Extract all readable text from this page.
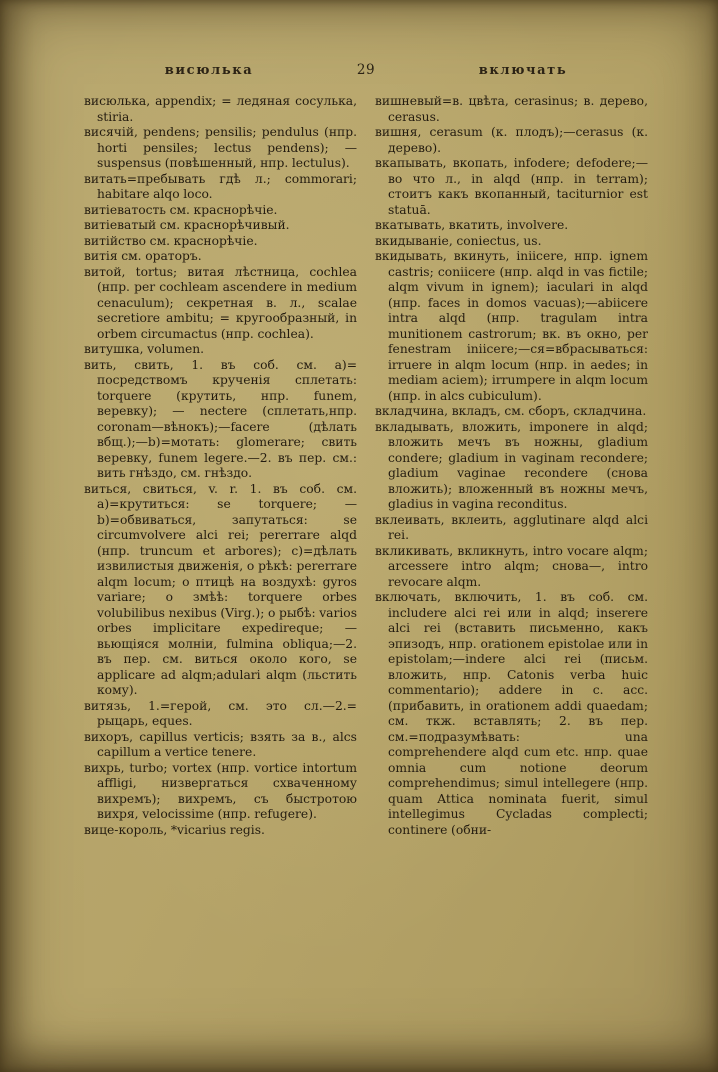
висюлька	29	включать

висюлька, appendix; = ледяная сосулька, stiria.

висячій, pendens; pensilis; pendulus (нпр. horti pensiles; lectus pendens); — suspensus (повѣшенный, нпр. lectulus).

витать=пребывать гдѣ л.; commorari; habitare alqo loco.

витіеватость см. краснорѣчіе.

витіеватый см. краснорѣчивый.

витійство см. краснорѣчіе.

витія см. ораторъ.

витой, tortus; витая лѣстница, cochlea (нпр. per cochleam ascendere in medium cenaculum); секретная в. л., scalae secretiore ambitu; = кругообразный, in orbem circumactus (нпр. cochlea).

витушка, volumen.

вить, свить, 1. въ соб. см. a)= посредствомъ крученія сплетать: torquere (крутить, нпр. funem, веревку); — nectere (сплетать,нпр. coronam—вѣнокъ);—facere (дѣлать вбщ.);—b)=мотать: glomerare; свить веревку, funem legere.—2. въ пер. см.: вить гнѣздо, см. гнѣздо.

виться, свиться, v. r. 1. въ соб. см. a)=крутиться: se torquere; — b)=обвиваться, запутаться: se circumvolvere alci rei; pererrare alqd (нпр. truncum et arbores); c)=дѣлать извилистыя движенія, о рѣкѣ: pererrare alqm locum; о птицѣ на воздухѣ: gyros variare; о змѣѣ: torquere orbes volubilibus nexibus (Virg.); о рыбѣ: varios orbes implicitare expedireque; — вьющіяся молніи, fulmina obliqua;—2. въ пер. см. виться около кого, se applicare ad alqm;adulari alqm (льстить кому).

витязь, 1.=герой, см. это сл.—2.= рыцарь, eques.

вихоръ, capillus verticis; взять за в., alcs capillum a vertice tenere.

вихрь, turbo; vortex (нпр. vortice intortum affligi, низвергаться схваченному вихремъ); вихремъ, съ быстротою вихря, velocissime (нпр. refugere).

вице-король, *vicarius regis.

вишневый=в. цвѣта, cerasinus; в. дерево, cerasus.

вишня, cerasum (к. плодъ);—cerasus (к. дерево).

вкапывать, вкопать, infodere; defodere;—во что л., in alqd (нпр. in terram); стоитъ какъ вкопанный, taciturnior est statuā.

вкатывать, вкатить, involvere.

вкидываніе, coniectus, us.

вкидывать, вкинуть, iniicere, нпр. ignem castris; coniicere (нпр. alqd in vas fictile; alqm vivum in ignem); iaculari in alqd (нпр. faces in domos vacuas);—abiicere intra alqd (нпр. tragulam intra munitionem castrorum; вк. въ окно, per fenestram iniicere;—ся=вбрасываться: irruere in alqm locum (нпр. in aedes; in mediam aciem); irrumpere in alqm locum (нпр. in alcs cubiculum).

вкладчина, вкладъ, см. сборъ, складчина.

вкладывать, вложить, imponere in alqd; вложить мечъ въ ножны, gladium condere; gladium in vaginam recondere; gladium vaginae recondere (снова вложить); вложенный въ ножны мечъ, gladius in vagina reconditus.

вклеивать, вклеить, agglutinare alqd alci rei.

вкликивать, вкликнуть, intro vocare alqm; arcessere intro alqm; снова—, intro revocare alqm.

включать, включить, 1. въ соб. см. includere alci rei или in alqd; inserere alci rei (вставить письменно, какъ эпизодъ, нпр. orationem epistolae или in epistolam;—indere alci rei (письм. вложить, нпр. Catonis verba huic commentario); addere in c. acc. (прибавить, in orationem addi quaedam; см. ткж. вставлять; 2. въ пер. см.=подразумѣвать: una comprehendere alqd cum etc. нпр. quae omnia cum notione deorum comprehendimus; simul intellegere (нпр. quam Attica nominata fuerit, simul intellegimus Cycladas complecti; continere (обни-
